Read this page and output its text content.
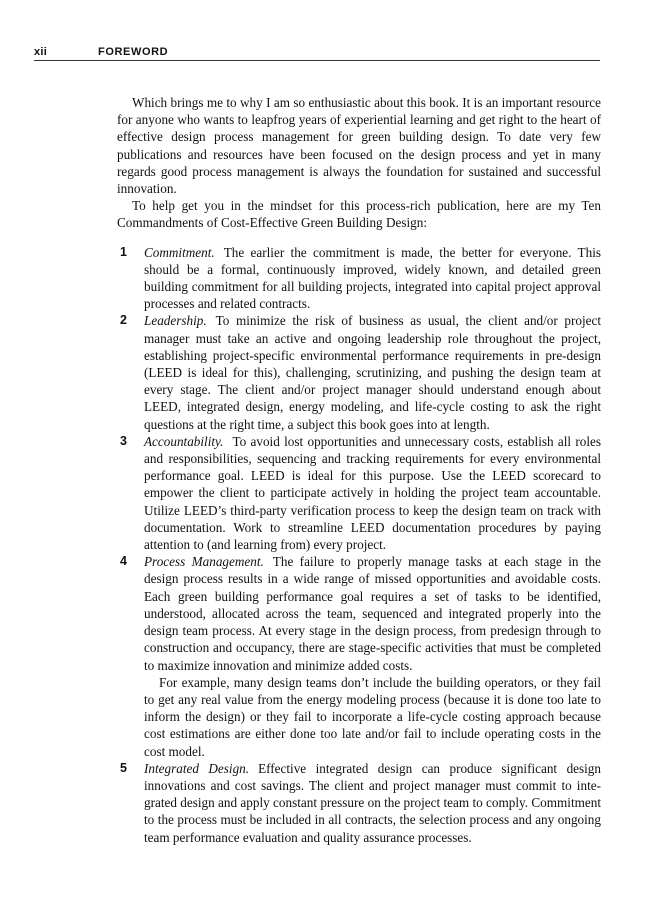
xii	FOREWORD

Which brings me to why I am so enthusiastic about this book. It is an important resource for anyone who wants to leapfrog years of experiential learning and get right to the heart of effective design process management for green building design. To date very few publications and resources have been focused on the design process and yet in many regards good process management is always the foundation for sustained and successful innovation.

To help get you in the mindset for this process-rich publication, here are my Ten Commandments of Cost-Effective Green Building Design:

1 Commitment. The earlier the commitment is made, the better for everyone. This should be a formal, continuously improved, widely known, and detailed green building commitment for all building projects, integrated into capital project approval processes and related contracts.
2 Leadership. To minimize the risk of business as usual, the client and/or project manager must take an active and ongoing leadership role throughout the project, establishing project-specific environmental performance requirements in pre-design (LEED is ideal for this), challenging, scrutinizing, and pushing the design team at every stage. The client and/or project manager should understand enough about LEED, integrated design, energy modeling, and life-cycle costing to ask the right questions at the right time, a subject this book goes into at length.
3 Accountability. To avoid lost opportunities and unnecessary costs, establish all roles and responsibilities, sequencing and tracking requirements for every environmental performance goal. LEED is ideal for this purpose. Use the LEED scorecard to empower the client to participate actively in holding the project team accountable. Utilize LEED’s third-party verification process to keep the design team on track with documentation. Work to streamline LEED documentation procedures by paying attention to (and learning from) every project.
4 Process Management. The failure to properly manage tasks at each stage in the design process results in a wide range of missed opportunities and avoidable costs. Each green building performance goal requires a set of tasks to be identified, understood, allocated across the team, sequenced and integrated properly into the design team process. At every stage in the design process, from predesign through to construction and occupancy, there are stage-specific activities that must be completed to maximize innovation and minimize added costs.

For example, many design teams don’t include the building operators, or they fail to get any real value from the energy modeling process (because it is done too late to inform the design) or they fail to incorporate a life-cycle costing approach because cost estimations are either done too late and/or fail to include operating costs in the cost model.

5 Integrated Design. Effective integrated design can produce significant design innovations and cost savings. The client and project manager must commit to integrated design and apply constant pressure on the project team to comply. Commitment to the process must be included in all contracts, the selection process and any ongoing team performance evaluation and quality assurance processes.
